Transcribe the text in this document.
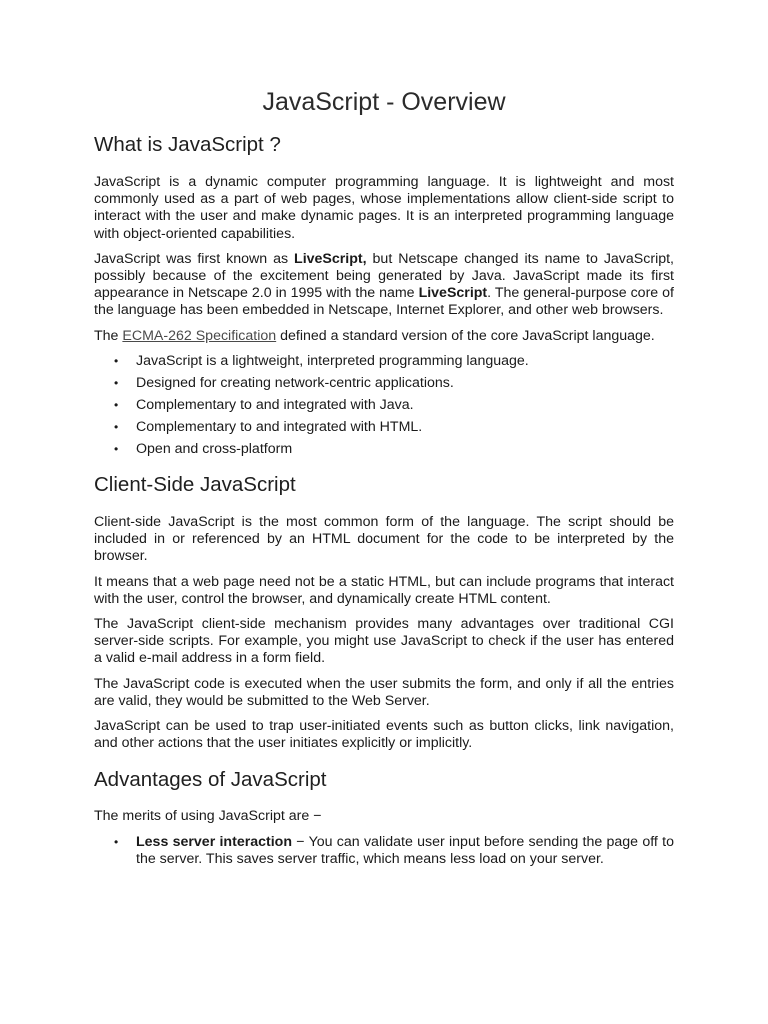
JavaScript - Overview
What is JavaScript ?

JavaScript is a dynamic computer programming language. It is lightweight and most commonly used as a part of web pages, whose implementations allow client-side script to interact with the user and make dynamic pages. It is an interpreted programming language with object-oriented capabilities.

JavaScript was first known as LiveScript, but Netscape changed its name to JavaScript, possibly because of the excitement being generated by Java. JavaScript made its first appearance in Netscape 2.0 in 1995 with the name LiveScript. The general-purpose core of the language has been embedded in Netscape, Internet Explorer, and other web browsers.

The ECMA-262 Specification defined a standard version of the core JavaScript language.

• JavaScript is a lightweight, interpreted programming language.
• Designed for creating network-centric applications.
• Complementary to and integrated with Java.
• Complementary to and integrated with HTML.
• Open and cross-platform
Client-Side JavaScript

Client-side JavaScript is the most common form of the language. The script should be included in or referenced by an HTML document for the code to be interpreted by the browser.

It means that a web page need not be a static HTML, but can include programs that interact with the user, control the browser, and dynamically create HTML content.

The JavaScript client-side mechanism provides many advantages over traditional CGI server-side scripts. For example, you might use JavaScript to check if the user has entered a valid e-mail address in a form field.

The JavaScript code is executed when the user submits the form, and only if all the entries are valid, they would be submitted to the Web Server.

JavaScript can be used to trap user-initiated events such as button clicks, link navigation, and other actions that the user initiates explicitly or implicitly.

Advantages of JavaScript

The merits of using JavaScript are −

• Less server interaction − You can validate user input before sending the page off to the server. This saves server traffic, which means less load on your server.
